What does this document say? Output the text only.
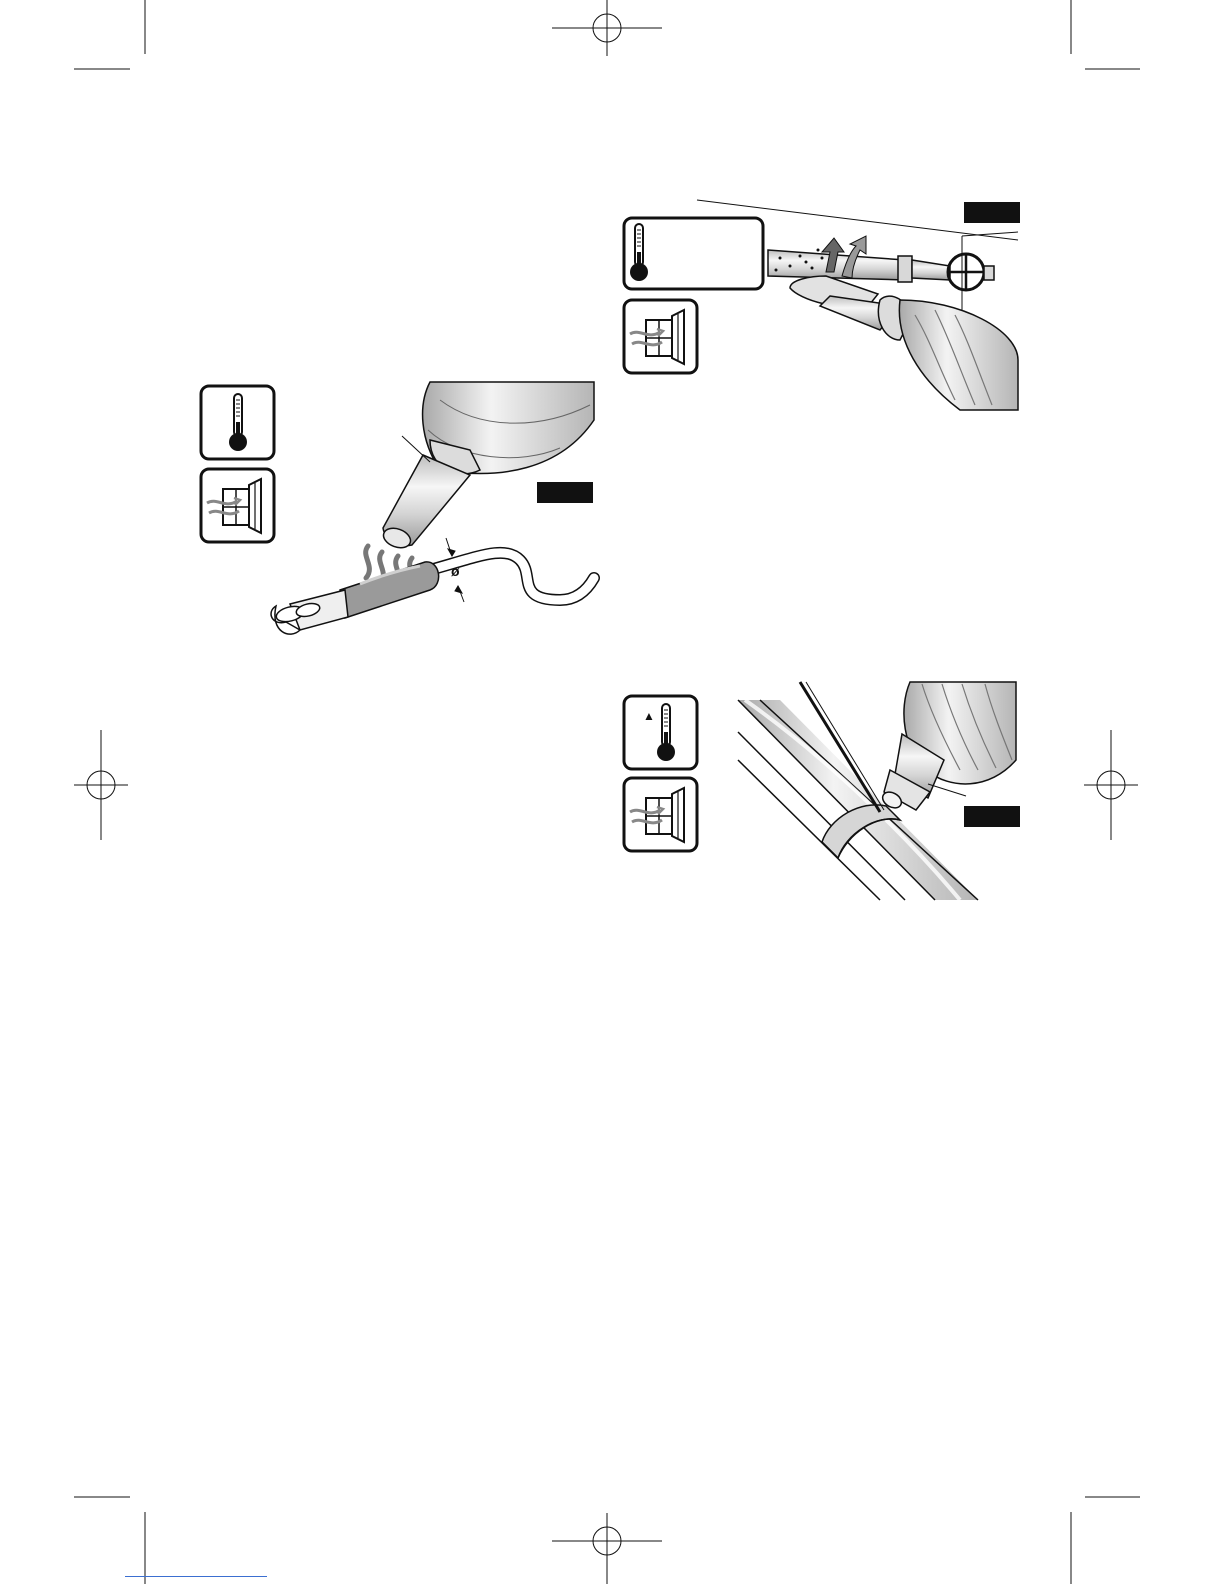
ø
▲
